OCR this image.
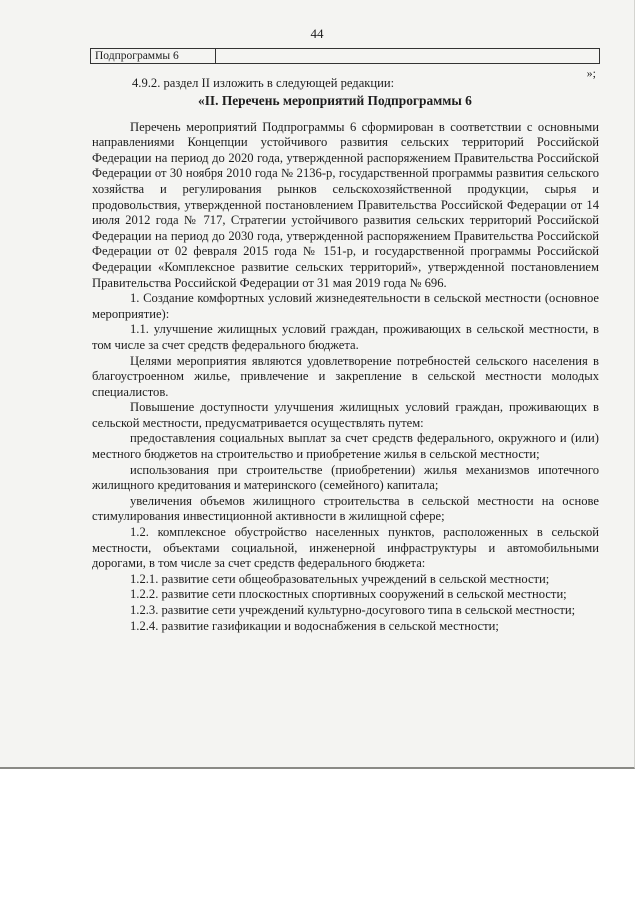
44
Подпрограммы 6
»;

4.9.2. раздел II изложить в следующей редакции:

«II. Перечень мероприятий Подпрограммы 6

Перечень мероприятий Подпрограммы 6 сформирован в соответствии с основными направлениями Концепции устойчивого развития сельских территорий Российской Федерации на период до 2020 года, утвержденной распоряжением Правительства Российской Федерации от 30 ноября 2010 года № 2136-р, государственной программы развития сельского хозяйства и регулирования рынков сельскохозяйственной продукции, сырья и продовольствия, утвержденной постановлением Правительства Российской Федерации от 14 июля 2012 года № 717, Стратегии устойчивого развития сельских территорий Российской Федерации на период до 2030 года, утвержденной распоряжением Правительства Российской Федерации от 02 февраля 2015 года № 151-р, и государственной программы Российской Федерации «Комплексное развитие сельских территорий», утвержденной постановлением Правительства Российской Федерации от 31 мая 2019 года № 696.

1. Создание комфортных условий жизнедеятельности в сельской местности (основное мероприятие):

1.1. улучшение жилищных условий граждан, проживающих в сельской местности, в том числе за счет средств федерального бюджета.

Целями мероприятия являются удовлетворение потребностей сельского населения в благоустроенном жилье, привлечение и закрепление в сельской местности молодых специалистов.

Повышение доступности улучшения жилищных условий граждан, проживающих в сельской местности, предусматривается осуществлять путем:

предоставления социальных выплат за счет средств федерального, окружного и (или) местного бюджетов на строительство и приобретение жилья в сельской местности;

использования при строительстве (приобретении) жилья механизмов ипотечного жилищного кредитования и материнского (семейного) капитала;

увеличения объемов жилищного строительства в сельской местности на основе стимулирования инвестиционной активности в жилищной сфере;

1.2. комплексное обустройство населенных пунктов, расположенных в сельской местности, объектами социальной, инженерной инфраструктуры и автомобильными дорогами, в том числе за счет средств федерального бюджета:

1.2.1. развитие сети общеобразовательных учреждений в сельской местности;

1.2.2. развитие сети плоскостных спортивных сооружений в сельской местности;

1.2.3. развитие сети учреждений культурно-досугового типа в сельской местности;

1.2.4. развитие газификации и водоснабжения в сельской местности;
